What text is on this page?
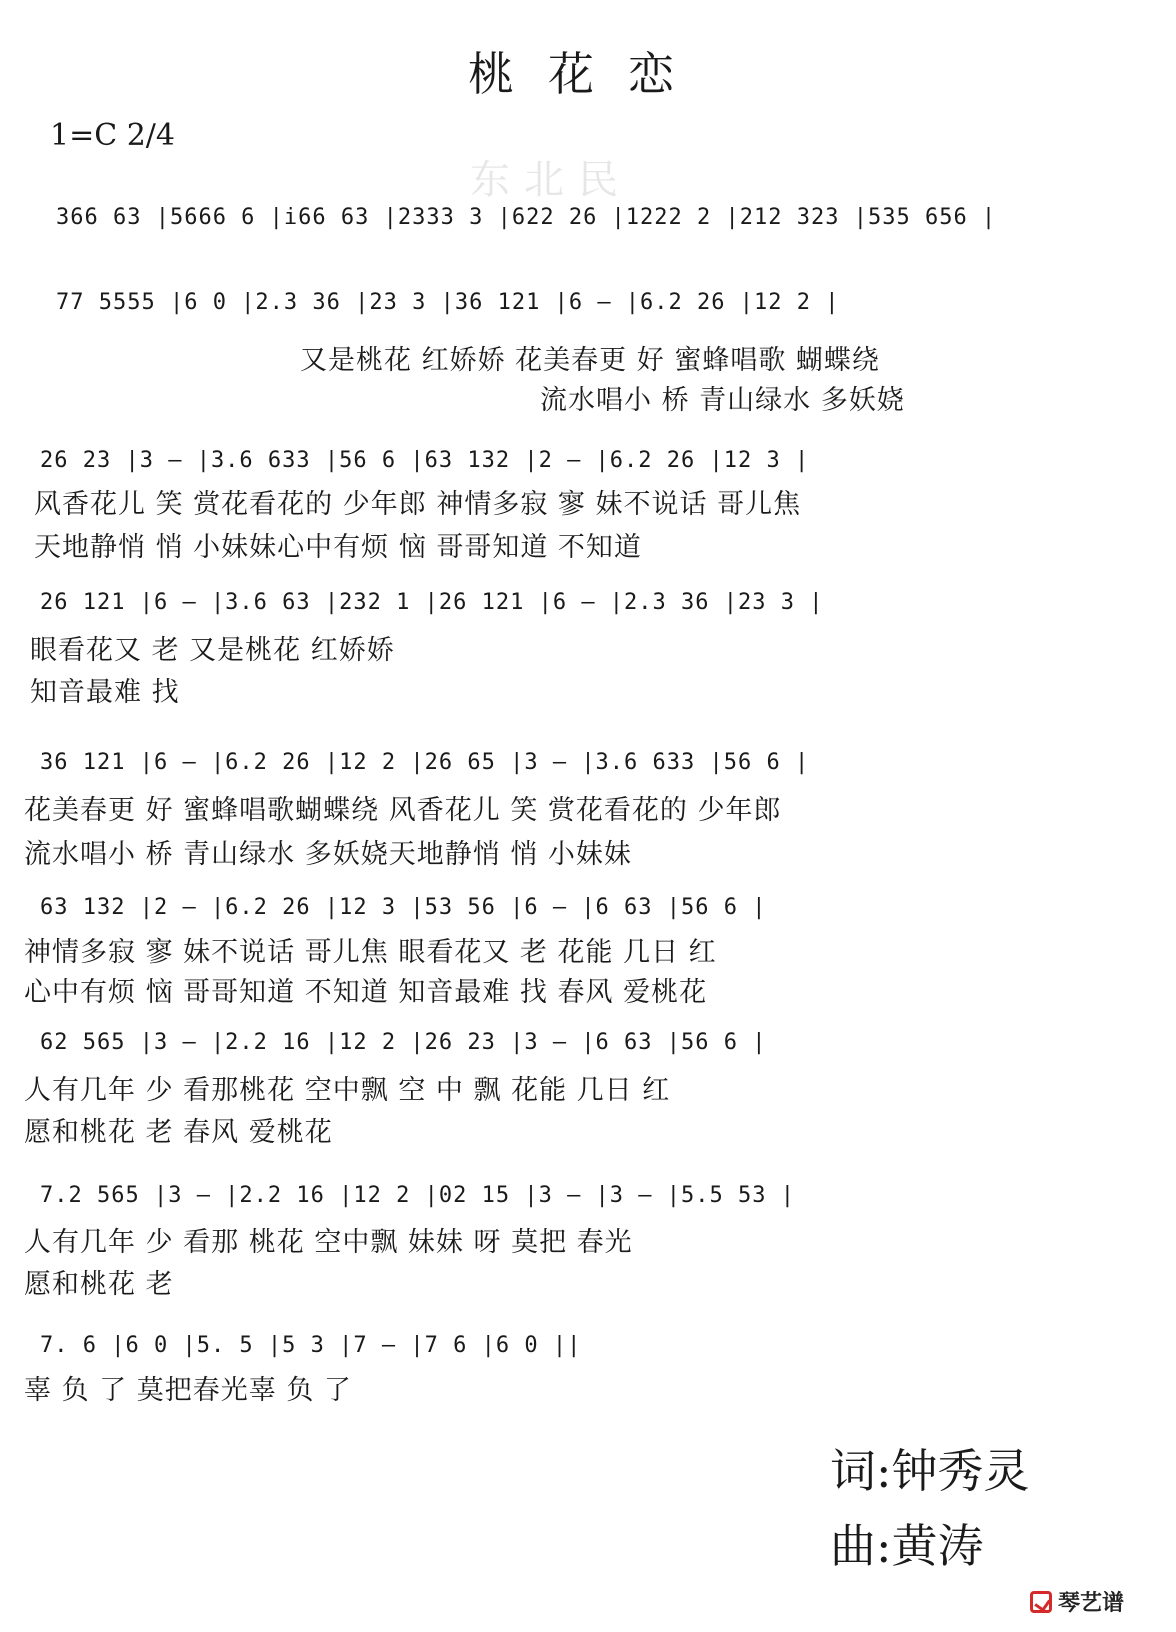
桃花恋
1=C 2/4
东北民
366 63 |5666 6 |i66 63 |2333 3 |622 26 |1222 2 |212 323 |535 656 |
77 5555 |6 0 |2.3 36 |23 3 |36 121 |6 — |6.2 26 |12 2 |
又是桃花 红娇娇 花美春更 好 蜜蜂唱歌 蝴蝶绕
流水唱小 桥 青山绿水 多妖娆
26 23 |3 — |3.6 633 |56 6 |63 132 |2 — |6.2 26 |12 3 |
风香花儿 笑 赏花看花的 少年郎 神情多寂 寥 妹不说话 哥儿焦
天地静悄 悄 小妹妹心中有烦 恼 哥哥知道 不知道
26 121 |6 — |3.6 63 |232 1 |26 121 |6 — |2.3 36 |23 3 |
眼看花又 老 又是桃花 红娇娇
知音最难 找
36 121 |6 — |6.2 26 |12 2 |26 65 |3 — |3.6 633 |56 6 |
花美春更 好 蜜蜂唱歌蝴蝶绕 风香花儿 笑 赏花看花的 少年郎
流水唱小 桥 青山绿水 多妖娆天地静悄 悄 小妹妹
63 132 |2 — |6.2 26 |12 3 |53 56 |6 — |6 63 |56 6 |
神情多寂 寥 妹不说话 哥儿焦 眼看花又 老 花能 几日 红
心中有烦 恼 哥哥知道 不知道 知音最难 找 春风 爱桃花
62 565 |3 — |2.2 16 |12 2 |26 23 |3 — |6 63 |56 6 |
人有几年 少 看那桃花 空中飘 空 中 飘 花能 几日 红
愿和桃花 老 春风 爱桃花
7.2 565 |3 — |2.2 16 |12 2 |02 15 |3 — |3 — |5.5 53 |
人有几年 少 看那 桃花 空中飘 妹妹 呀 莫把 春光
愿和桃花 老
7. 6 |6 0 |5. 5 |5 3 |7 — |7 6 |6 0 ||
辜 负 了 莫把春光辜 负 了
词:钟秀灵
曲:黄涛
琴艺谱
